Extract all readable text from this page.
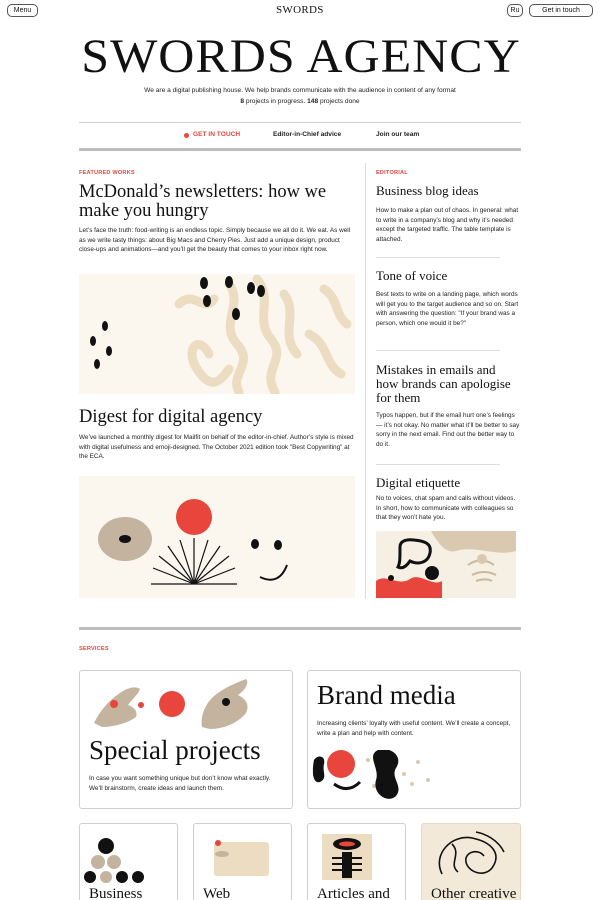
Menu	SWORDS	Ru	Get in touch
SWORDS AGENCY
We are a digital publishing house. We help brands communicate with the audience in content of any format
8 projects in progress. 148 projects done
GET IN TOUCH	Editor-in-Chief advice	Join our team
FEATURED WORKS
McDonald’s newsletters: how we make you hungry

Let’s face the truth: food-writing is an endless topic. Simply because we all do it. We eat. As well as we write tasty things: about Big Macs and Cherry Pies. Just add a unique design, product close-ups and animations—and you’ll get the beauty that comes to your inbox right now.

Digest for digital agency

We’ve launched a monthly digest for Mailfit on behalf of the editor-in-chief. Author’s style is mixed with digital usefulness and emoji-designed. The October 2021 edition took "Best Copywriting" at the ECA.

EDITORIAL
Business blog ideas

How to make a plan out of chaos. In general: what to write in a company’s blog and why it’s needed except the targeted traffic. The table template is attached.

Tone of voice

Best texts to write on a landing page, which words will get you to the target audience and so on. Start with answering the question: "If your brand was a person, which one would it be?"

Mistakes in emails and how brands can apologise for them

Typos happen, but if the email hurt one’s feelings — it’s not okay. No matter what it’ll be better to say sorry in the next email. Find out the better way to do it.

Digital etiquette

No to voices, chat spam and calls without videos. In short, how to communicate with colleagues so that they won’t hate you.

SERVICES
Special projects

In case you want something unique but don’t know what exactly. We’ll brainstorm, create ideas and launch them.

Brand media

Increasing clients’ loyalty with useful content. We’ll create a concept, write a plan and help with content.

Business	Web	Articles and	Other creative
